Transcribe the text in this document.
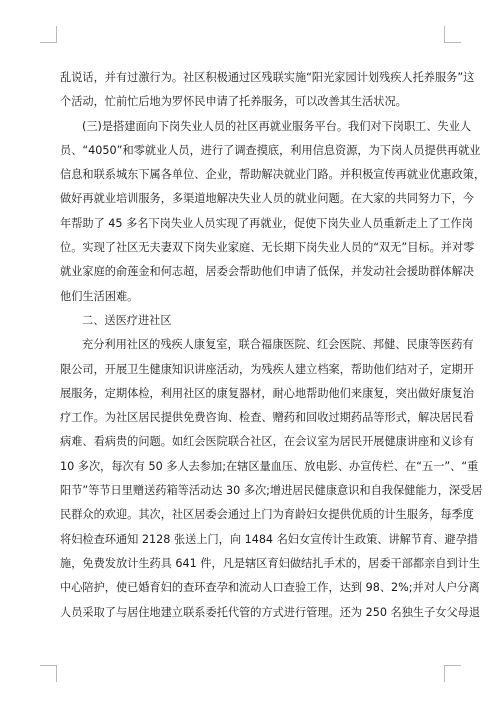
乱说话，并有过激行为。社区积极通过区残联实施“阳光家园计划残疾人托养服务”这
个活动，忙前忙后地为罗怀民申请了托养服务，可以改善其生活状况。
(三)是搭建面向下岗失业人员的社区再就业服务平台。我们对下岗职工、失业人
员、“4050”和零就业人员，进行了调查摸底，利用信息资源，为下岗人员提供再就业
信息和联系城东下属各单位、企业，帮助解决就业门路。并积极宣传再就业优惠政策，
做好再就业培训服务，多渠道地解决失业人员的就业问题。在大家的共同努力下，今
年帮助了 45 多名下岗失业人员实现了再就业，促使下岗失业人员重新走上了工作岗
位。实现了社区无夫妻双下岗失业家庭、无长期下岗失业人员的“双无”目标。并对零
就业家庭的俞莲金和何志超，居委会帮助他们申请了低保，并发动社会援助群体解决
他们生活困难。
二、送医疗进社区
充分利用社区的残疾人康复室，联合福康医院、红会医院、邦健、民康等医药有
限公司，开展卫生健康知识讲座活动，为残疾人建立档案，帮助他们结对子，定期开
展服务，定期体检，利用社区的康复器材，耐心地帮助他们来康复，突出做好康复治
疗工作。为社区居民提供免费咨询、检查、赠药和回收过期药品等形式，解决居民看
病难、看病贵的问题。如红会医院联合社区，在会议室为居民开展健康讲座和义诊有
10 多次，每次有 50 多人去参加;在辖区量血压、放电影、办宣传栏、在“五一”、“重
阳节”等节日里赠送药箱等活动达 30 多次;增进居民健康意识和自我保健能力，深受居
民群众的欢迎。其次，社区居委会通过上门为育龄妇女提供优质的计生服务，每季度
将妇检查环通知 2128 张送上门，向 1484 名妇女宣传计生政策、讲解节育、避孕措
施，免费发放计生药具 641 件，凡是辖区育妇做结扎手术的，居委干部都亲自到计生
中心陪护，使已婚育妇的查环查孕和流动人口查验工作，达到 98、2%;并对人户分离
人员采取了与居住地建立联系委托代管的方式进行管理。还为 250 名独生子女父母退
